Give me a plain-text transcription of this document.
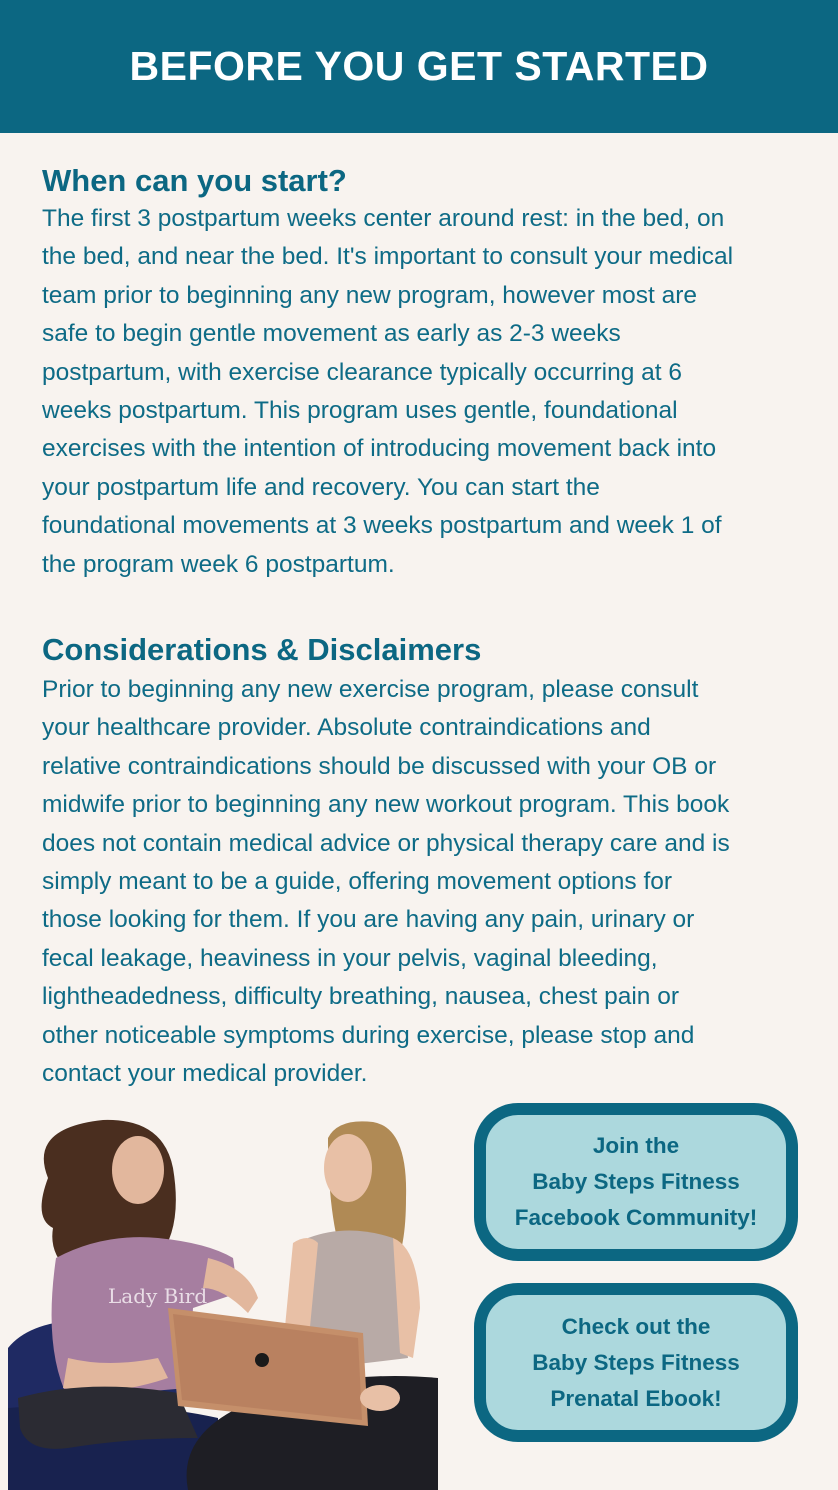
BEFORE YOU GET STARTED
When can you start?

The first 3 postpartum weeks center around rest: in the bed, on
the bed, and near the bed. It's important to consult your medical
team prior to beginning any new program, however most are
safe to begin gentle movement as early as 2-3 weeks
postpartum, with exercise clearance typically occurring at 6
weeks postpartum. This program uses gentle, foundational
exercises with the intention of introducing movement back into
your postpartum life and recovery. You can start the
foundational movements at 3 weeks postpartum and week 1 of
the program week 6 postpartum.

Considerations & Disclaimers

Prior to beginning any new exercise program, please consult
your healthcare provider. Absolute contraindications and
relative contraindications should be discussed with your OB or
midwife prior to beginning any new workout program. This book
does not contain medical advice or physical therapy care and is
simply meant to be a guide, offering movement options for
those looking for them. If you are having any pain, urinary or
fecal leakage, heaviness in your pelvis, vaginal bleeding,
lightheadedness, difficulty breathing, nausea, chest pain or
other noticeable symptoms during exercise, please stop and
contact your medical provider.

Lady Bird
Join the
Baby Steps Fitness
Facebook Community!
Check out the
Baby Steps Fitness
Prenatal Ebook!
